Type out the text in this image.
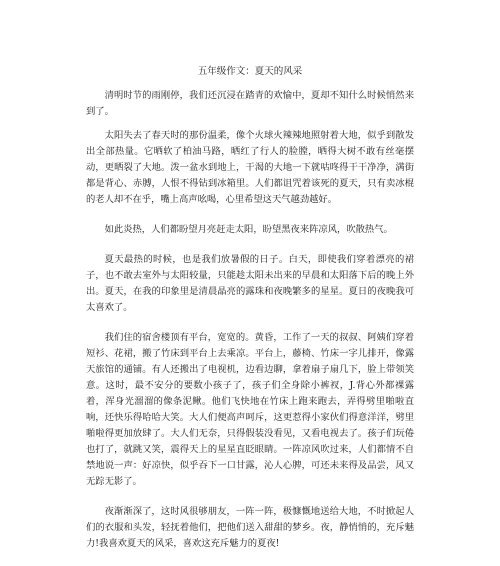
五年级作文：夏天的风采

清明时节的雨刚停，我们还沉浸在踏青的欢愉中，夏却不知什么时候悄然来到了。

太阳失去了春天时的那份温柔，像个火球火辣辣地照射着大地，似乎到散发出全部热量。它晒软了柏油马路，晒红了行人的脸膛，晒得大树不敢有丝毫摆动，更晒裂了大地。泼一盆水到地上，干渴的大地一下就咕咚得干干净净，满街都是背心、赤膊，人恨不得钻到冰箱里。人们都诅咒着该死的夏天，只有卖冰棍的老人却不在乎，嘴上高声吆喝，心里希望这天气越劲越好。

如此炎热，人们都盼望月亮赶走太阳，盼望黑夜来阵凉风，吹散热气。

夏天最热的时候，也是我们放暑假的日子。白天，即使我们穿着漂亮的裙子，也不敢去室外与太阳较量，只能趁太阳未出来的早晨和太阳落下后的晚上外出。夏天，在我的印象里是清晨晶亮的露珠和夜晚繁多的星星。夏日的夜晚我可太喜欢了。

我们住的宿舍楼顶有平台，宽宽的。黄昏，工作了一天的叔叔、阿姨们穿着短衫、花裙，搬了竹床到平台上去乘凉。平台上，藤椅、竹床一字儿排开，像露天旅馆的通铺。有人还搬出了电视机，边看边聊，拿着扇子扇几下，脸上带领笑意。这时，最不安分的要数小孩子了，孩子们全身除小裤衩，J.背心外都裸露着，浑身光溜溜的像条泥鳅。他们飞快地在竹床上跑来跑去，弄得劈里啪啦直响，还快乐得哈哈大笑。大人们便高声呵斥，这更惹得小家伙们得意洋洋，劈里啪啦得更加放肆了。大人们无奈，只得假装没看见，又看电视去了。孩子们玩倦也打了，就跳又笑，震得天上的星星直眨眼睛。一阵凉风吹过来，人们都情不自禁地说一声：好凉快，似乎吞下一口甘露，沁人心脾，可还未来得及品尝，风又无踪无影了。

夜渐渐深了，这时风很够朋友，一阵一阵，极慷慨地送给大地，不时掀起人们的衣服和头发，轻抚着他们，把他们送入甜甜的梦乡。夜，静悄悄的，充斥魅力!我喜欢夏天的风采，喜欢这充斥魅力的夏夜!
